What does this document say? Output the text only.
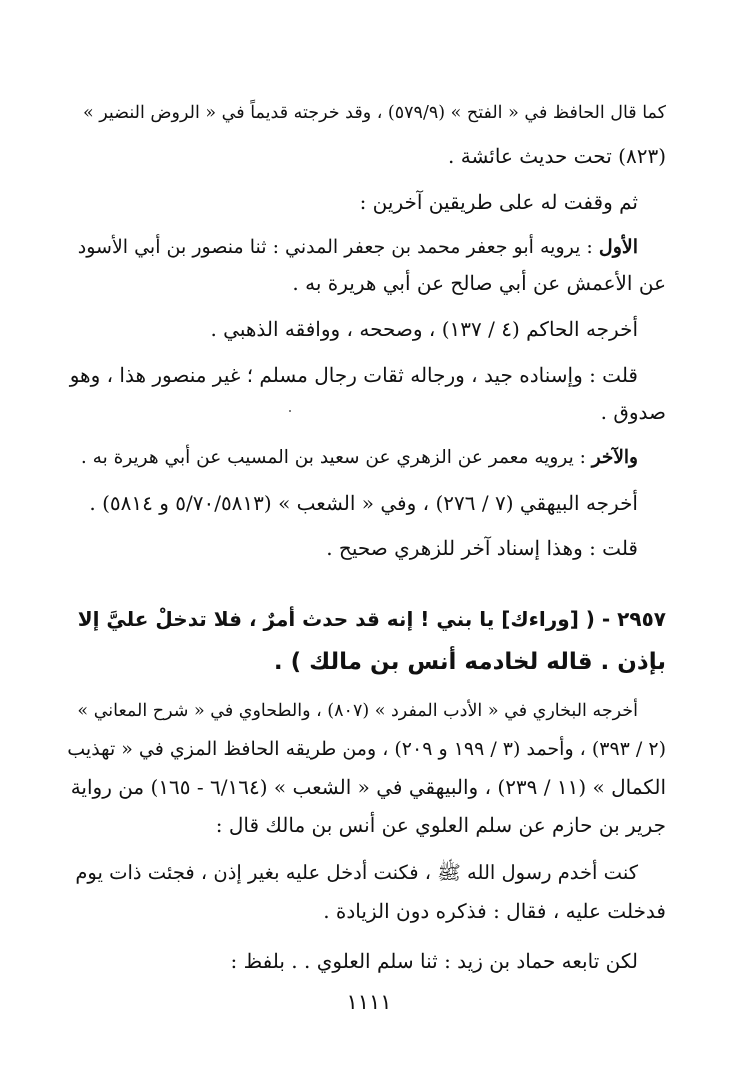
كما قال الحافظ في « الفتح » (٥٧٩/٩) ، وقد خرجته قديماً في « الروض النضير »
(٨٢٣) تحت حديث عائشة .
ثم وقفت له على طريقين آخرين :
الأول : يرويه أبو جعفر محمد بن جعفر المدني : ثنا منصور بن أبي الأسود
عن الأعمش عن أبي صالح عن أبي هريرة به .
أخرجه الحاكم (٤ / ١٣٧) ، وصححه ، ووافقه الذهبي .
قلت : وإسناده جيد ، ورجاله ثقات رجال مسلم ؛ غير منصور هذا ، وهو
صدوق .
والآخر : يرويه معمر عن الزهري عن سعيد بن المسيب عن أبي هريرة به .
أخرجه البيهقي (٧ / ٢٧٦) ، وفي « الشعب » (٥/٧٠/٥٨١٣ و ٥٨١٤) .
قلت : وهذا إسناد آخر للزهري صحيح .
٢٩٥٧ - ( [وراءك] يا بني ! إنه قد حدث أمرٌ ، فلا تدخلْ عليَّ إلا
بإذن . قاله لخادمه أنس بن مالك ) .
أخرجه البخاري في « الأدب المفرد » (٨٠٧) ، والطحاوي في « شرح المعاني »
(٢ / ٣٩٣) ، وأحمد (٣ / ١٩٩ و ٢٠٩) ، ومن طريقه الحافظ المزي في « تهذيب
الكمال » (١١ / ٢٣٩) ، والبيهقي في « الشعب » (٦/١٦٤ - ١٦٥) من رواية
جرير بن حازم عن سلم العلوي عن أنس بن مالك قال :
كنت أخدم رسول الله ﷺ ، فكنت أدخل عليه بغير إذن ، فجئت ذات يوم
فدخلت عليه ، فقال : فذكره دون الزيادة .
لكن تابعه حماد بن زيد : ثنا سلم العلوي . . بلفظ :
١١١١
